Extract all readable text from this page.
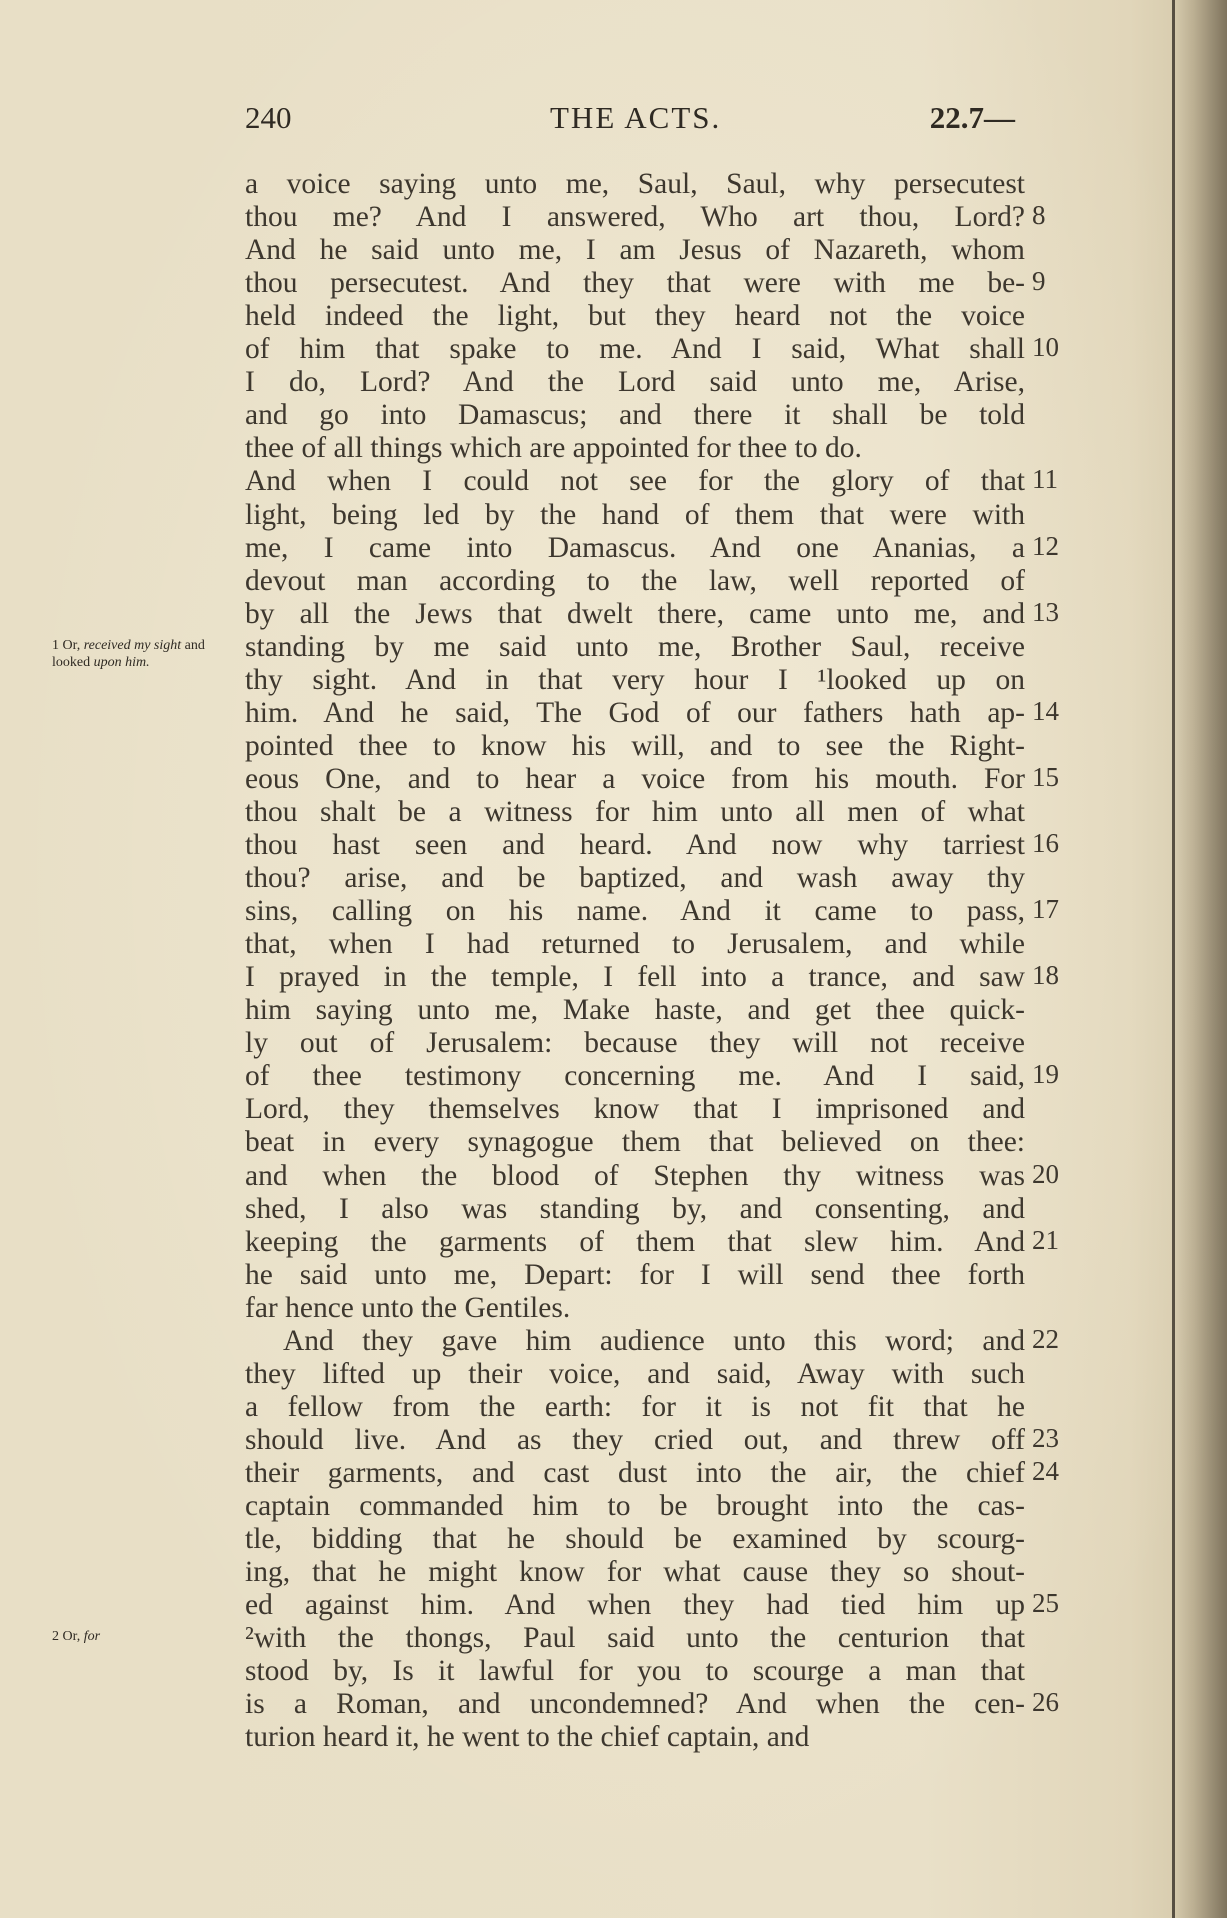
240	THE ACTS.	22.7—
a voice saying unto me, Saul, Saul, why persecutest
thou me? And I answered, Who art thou, Lord?
And he said unto me, I am Jesus of Nazareth, whom
thou persecutest. And they that were with me be-
held indeed the light, but they heard not the voice
of him that spake to me. And I said, What shall
I do, Lord? And the Lord said unto me, Arise,
and go into Damascus; and there it shall be told
thee of all things which are appointed for thee to do.
And when I could not see for the glory of that
light, being led by the hand of them that were with
me, I came into Damascus. And one Ananias, a
devout man according to the law, well reported of
by all the Jews that dwelt there, came unto me, and
standing by me said unto me, Brother Saul, receive
thy sight. And in that very hour I ¹looked up on
him. And he said, The God of our fathers hath ap-
pointed thee to know his will, and to see the Right-
eous One, and to hear a voice from his mouth. For
thou shalt be a witness for him unto all men of what
thou hast seen and heard. And now why tarriest
thou? arise, and be baptized, and wash away thy
sins, calling on his name. And it came to pass,
that, when I had returned to Jerusalem, and while
I prayed in the temple, I fell into a trance, and saw
him saying unto me, Make haste, and get thee quick-
ly out of Jerusalem: because they will not receive
of thee testimony concerning me. And I said,
Lord, they themselves know that I imprisoned and
beat in every synagogue them that believed on thee:
and when the blood of Stephen thy witness was
shed, I also was standing by, and consenting, and
keeping the garments of them that slew him. And
he said unto me, Depart: for I will send thee forth
far hence unto the Gentiles.
And they gave him audience unto this word; and
they lifted up their voice, and said, Away with such
a fellow from the earth: for it is not fit that he
should live. And as they cried out, and threw off
their garments, and cast dust into the air, the chief
captain commanded him to be brought into the cas-
tle, bidding that he should be examined by scourg-
ing, that he might know for what cause they so shout-
ed against him. And when they had tied him up
²with the thongs, Paul said unto the centurion that
stood by, Is it lawful for you to scourge a man that
is a Roman, and uncondemned? And when the cen-
turion heard it, he went to the chief captain, and
8
9
10
11
12
13
14
15
16
17
18
19
20
21
22
23
24
25
26
1 Or, received my sight and looked upon him.
2 Or, for
